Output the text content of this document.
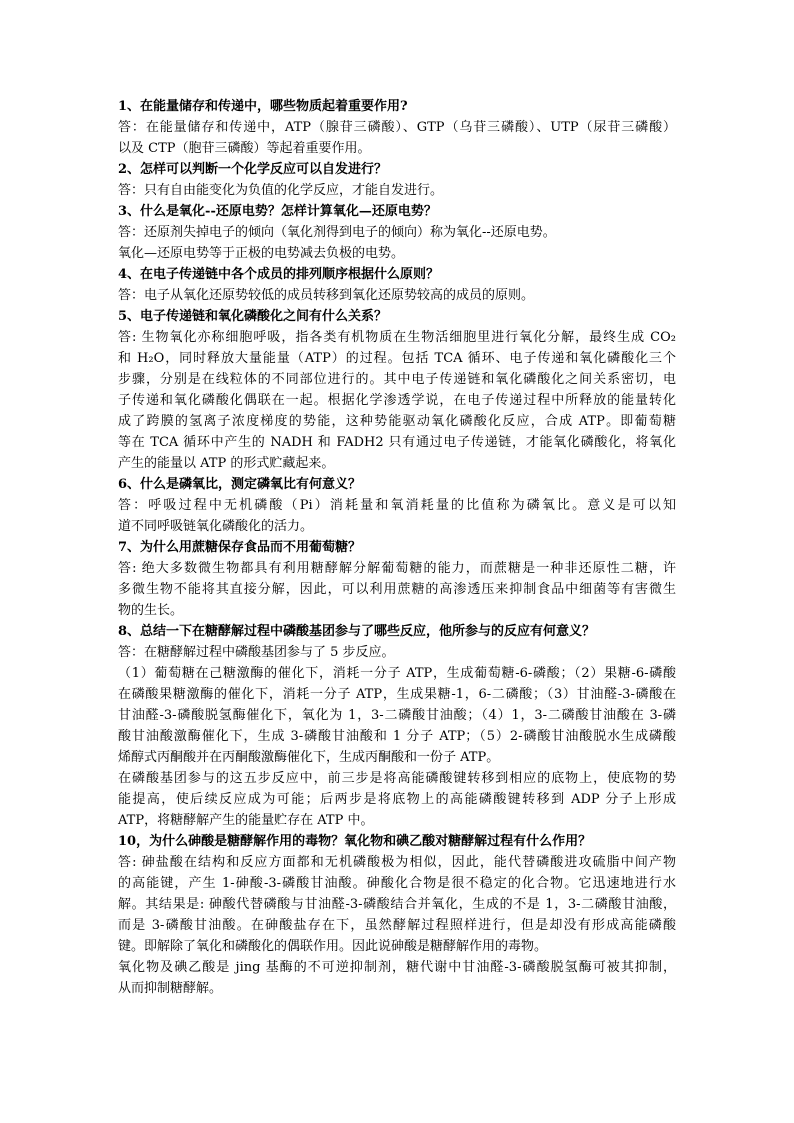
1、在能量储存和传递中，哪些物质起着重要作用?
答：在能量储存和传递中，ATP（腺苷三磷酸）、GTP（乌苷三磷酸）、UTP（尿苷三磷酸）
以及 CTP（胞苷三磷酸）等起着重要作用。
2、怎样可以判断一个化学反应可以自发进行？
答：只有自由能变化为负值的化学反应，才能自发进行。
3、什么是氧化--还原电势？怎样计算氧化—还原电势？
答：还原剂失掉电子的倾向（氧化剂得到电子的倾向）称为氧化--还原电势。
氧化—还原电势等于正极的电势减去负极的电势。
4、在电子传递链中各个成员的排列顺序根据什么原则？
答：电子从氧化还原势较低的成员转移到氧化还原势较高的成员的原则。
5、电子传递链和氧化磷酸化之间有什么关系？
答: 生物氧化亦称细胞呼吸，指各类有机物质在生物活细胞里进行氧化分解，最终生成 CO₂
和 H₂O，同时释放大量能量（ATP）的过程。包括 TCA 循环、电子传递和氧化磷酸化三个
步骤，分别是在线粒体的不同部位进行的。其中电子传递链和氧化磷酸化之间关系密切，电
子传递和氧化磷酸化偶联在一起。根据化学渗透学说，在电子传递过程中所释放的能量转化
成了跨膜的氢离子浓度梯度的势能，这种势能驱动氧化磷酸化反应，合成 ATP。即葡萄糖
等在 TCA 循环中产生的 NADH 和 FADH2 只有通过电子传递链，才能氧化磷酸化，将氧化
产生的能量以 ATP 的形式贮藏起来。
6、什么是磷氧比，测定磷氧比有何意义？
答：呼吸过程中无机磷酸（Pi）消耗量和氧消耗量的比值称为磷氧比。意义是可以知
道不同呼吸链氧化磷酸化的活力。
7、为什么用蔗糖保存食品而不用葡萄糖？
答: 绝大多数微生物都具有利用糖酵解分解葡萄糖的能力，而蔗糖是一种非还原性二糖，许
多微生物不能将其直接分解，因此，可以利用蔗糖的高渗透压来抑制食品中细菌等有害微生
物的生长。
8、总结一下在糖酵解过程中磷酸基团参与了哪些反应，他所参与的反应有何意义？
答：在糖酵解过程中磷酸基团参与了 5 步反应。
（1）葡萄糖在己糖激酶的催化下，消耗一分子 ATP，生成葡萄糖-6-磷酸；（2）果糖-6-磷酸
在磷酸果糖激酶的催化下，消耗一分子 ATP，生成果糖-1，6-二磷酸；（3）甘油醛-3-磷酸在
甘油醛-3-磷酸脱氢酶催化下，氧化为 1，3-二磷酸甘油酸；（4）1，3-二磷酸甘油酸在 3-磷
酸甘油酸激酶催化下，生成 3-磷酸甘油酸和 1 分子 ATP；（5）2-磷酸甘油酸脱水生成磷酸
烯醇式丙酮酸并在丙酮酸激酶催化下，生成丙酮酸和一份子 ATP。
在磷酸基团参与的这五步反应中，前三步是将高能磷酸键转移到相应的底物上，使底物的势
能提高，使后续反应成为可能；后两步是将底物上的高能磷酸键转移到 ADP 分子上形成
ATP，将糖酵解产生的能量贮存在 ATP 中。
10，为什么砷酸是糖酵解作用的毒物？氧化物和碘乙酸对糖酵解过程有什么作用？
答: 砷盐酸在结构和反应方面都和无机磷酸极为相似，因此，能代替磷酸进攻硫脂中间产物
的高能键，产生 1-砷酸-3-磷酸甘油酸。砷酸化合物是很不稳定的化合物。它迅速地进行水
解。其结果是: 砷酸代替磷酸与甘油醛-3-磷酸结合并氧化，生成的不是 1，3-二磷酸甘油酸，
而是 3-磷酸甘油酸。在砷酸盐存在下，虽然酵解过程照样进行，但是却没有形成高能磷酸
键。即解除了氧化和磷酸化的偶联作用。因此说砷酸是糖酵解作用的毒物。
氧化物及碘乙酸是 jing 基酶的不可逆抑制剂，糖代谢中甘油醛-3-磷酸脱氢酶可被其抑制，
从而抑制糖酵解。
